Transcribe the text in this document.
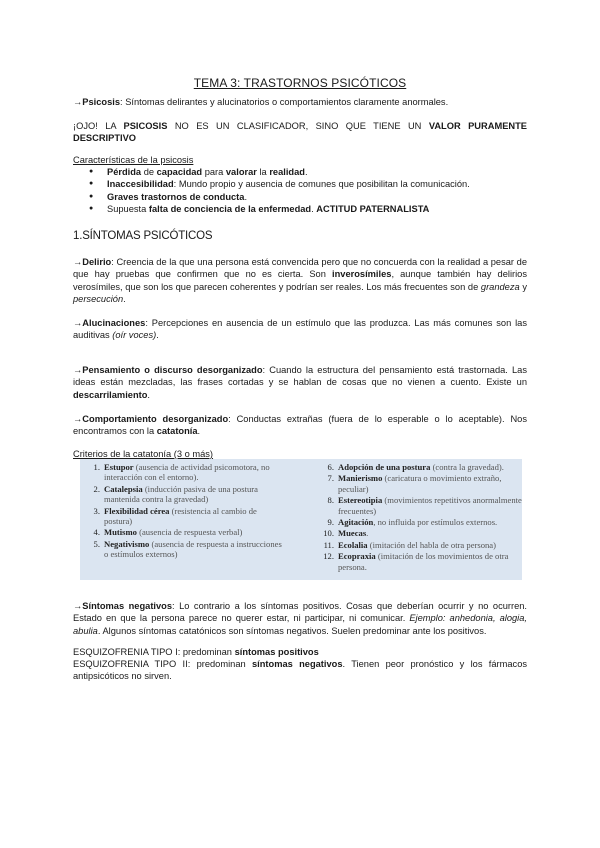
TEMA 3: TRASTORNOS PSICÓTICOS

→Psicosis: Síntomas delirantes y alucinatorios o comportamientos claramente anormales.

¡OJO! LA PSICOSIS NO ES UN CLASIFICADOR, SINO QUE TIENE UN VALOR PURAMENTE DESCRIPTIVO

Características de la psicosis

● Pérdida de capacidad para valorar la realidad.
● Inaccesibilidad: Mundo propio y ausencia de comunes que posibilitan la comunicación.
● Graves trastornos de conducta.
● Supuesta falta de conciencia de la enfermedad. ACTITUD PATERNALISTA

1.SÍNTOMAS PSICÓTICOS

→Delirio: Creencia de la que una persona está convencida pero que no concuerda con la realidad a pesar de que hay pruebas que confirmen que no es cierta. Son inverosímiles, aunque también hay delirios verosímiles, que son los que parecen coherentes y podrían ser reales. Los más frecuentes son de grandeza y persecución.

→Alucinaciones: Percepciones en ausencia de un estímulo que las produzca. Las más comunes son las auditivas (oír voces).

→Pensamiento o discurso desorganizado: Cuando la estructura del pensamiento está trastornada. Las ideas están mezcladas, las frases cortadas y se hablan de cosas que no vienen a cuento. Existe un descarrilamiento.

→Comportamiento desorganizado: Conductas extrañas (fuera de lo esperable o lo aceptable). Nos encontramos con la catatonía.

Criterios de la catatonía (3 o más)

1. Estupor (ausencia de actividad psicomotora, no interacción con el entorno).
2. Catalepsia (inducción pasiva de una postura mantenida contra la gravedad)
3. Flexibilidad cérea (resistencia al cambio de postura)
4. Mutismo (ausencia de respuesta verbal)
5. Negativismo (ausencia de respuesta a instrucciones o estímulos externos)
6. Adopción de una postura (contra la gravedad).
7. Manierismo (caricatura o movimiento extraño, peculiar)
8. Estereotipia (movimientos repetitivos anormalmente frecuentes)
9. Agitación, no influida por estímulos externos.
10. Muecas.
11. Ecolalia (imitación del habla de otra persona)
12. Ecopraxia (imitación de los movimientos de otra persona.

→Síntomas negativos: Lo contrario a los síntomas positivos. Cosas que deberían ocurrir y no ocurren. Estado en que la persona parece no querer estar, ni participar, ni comunicar. Ejemplo: anhedonia, alogia, abulia. Algunos síntomas catatónicos son síntomas negativos. Suelen predominar ante los positivos.

ESQUIZOFRENIA TIPO I: predominan síntomas positivos

ESQUIZOFRENIA TIPO II: predominan síntomas negativos. Tienen peor pronóstico y los fármacos antipsicóticos no sirven.
